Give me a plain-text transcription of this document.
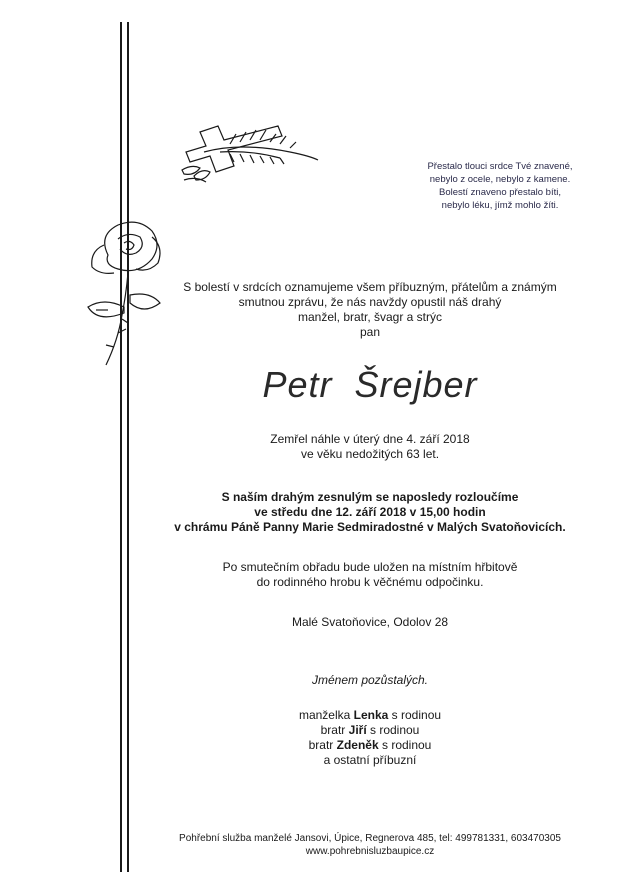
Přestalo tlouci srdce Tvé znavené,
nebylo z ocele, nebylo z kamene.
Bolestí znaveno přestalo bíti,
nebylo léku, jímž mohlo žíti.
S bolestí v srdcích oznamujeme všem příbuzným, přátelům a známým
smutnou zprávu, že nás navždy opustil náš drahý
manžel, bratr, švagr a strýc
pan
Petr  Šrejber
Zemřel náhle v úterý dne 4. září 2018
ve věku nedožitých 63 let.
S naším drahým zesnulým se naposledy rozloučíme
ve středu dne 12. září 2018 v 15,00 hodin
v chrámu Páně Panny Marie Sedmiradostné v Malých Svatoňovicích.
Po smutečním obřadu bude uložen na místním hřbitově
do rodinného hrobu k věčnému odpočinku.
Malé Svatoňovice, Odolov 28
Jménem pozůstalých.
manželka Lenka s rodinou
bratr Jiří s rodinou
bratr Zdeněk s rodinou
a ostatní příbuzní
Pohřební služba manželé Jansovi, Úpice, Regnerova 485, tel: 499781331, 603470305
www.pohrebnisluzbaupice.cz
